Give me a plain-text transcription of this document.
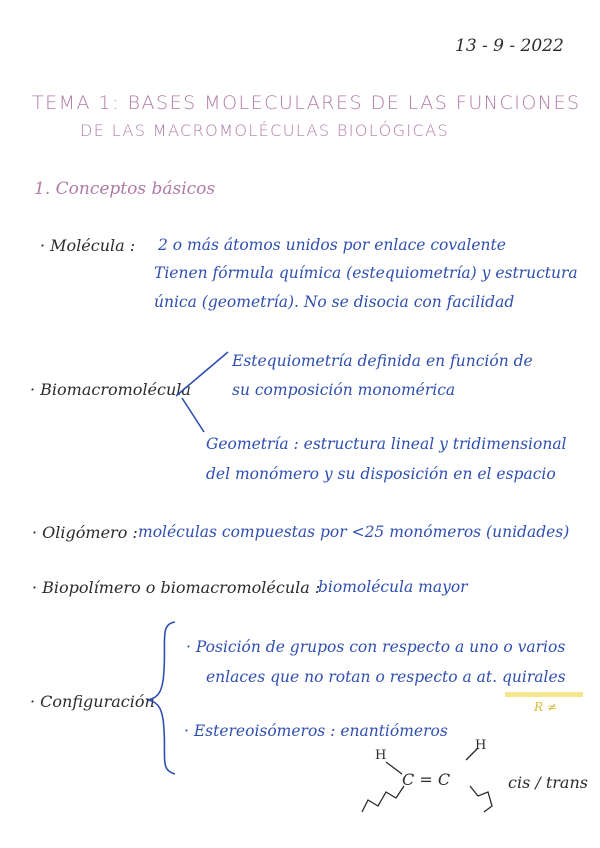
13 - 9 - 2022
TEMA 1: BASES MOLECULARES DE LAS FUNCIONES
DE LAS MACROMOLÉCULAS BIOLÓGICAS
1. Conceptos básicos
· Molécula : 2 o más átomos unidos por enlace covalente
Tienen fórmula química (estequiometría) y estructura
única (geometría). No se disocia con facilidad
· Biomacromolécula
Estequiometría definida en función de
su composición monomérica
Geometría : estructura lineal y tridimensional
del monómero y su disposición en el espacio
· Oligómero : moléculas compuestas por <25 monómeros (unidades)
· Biopolímero o biomacromolécula :
biomolécula mayor
· Configuración
· Posición de grupos con respecto a uno o varios
enlaces que no rotan o respecto a at. quirales
R ≠
· Estereoisómeros : enantiómeros
H
H
C = C	cis / trans
